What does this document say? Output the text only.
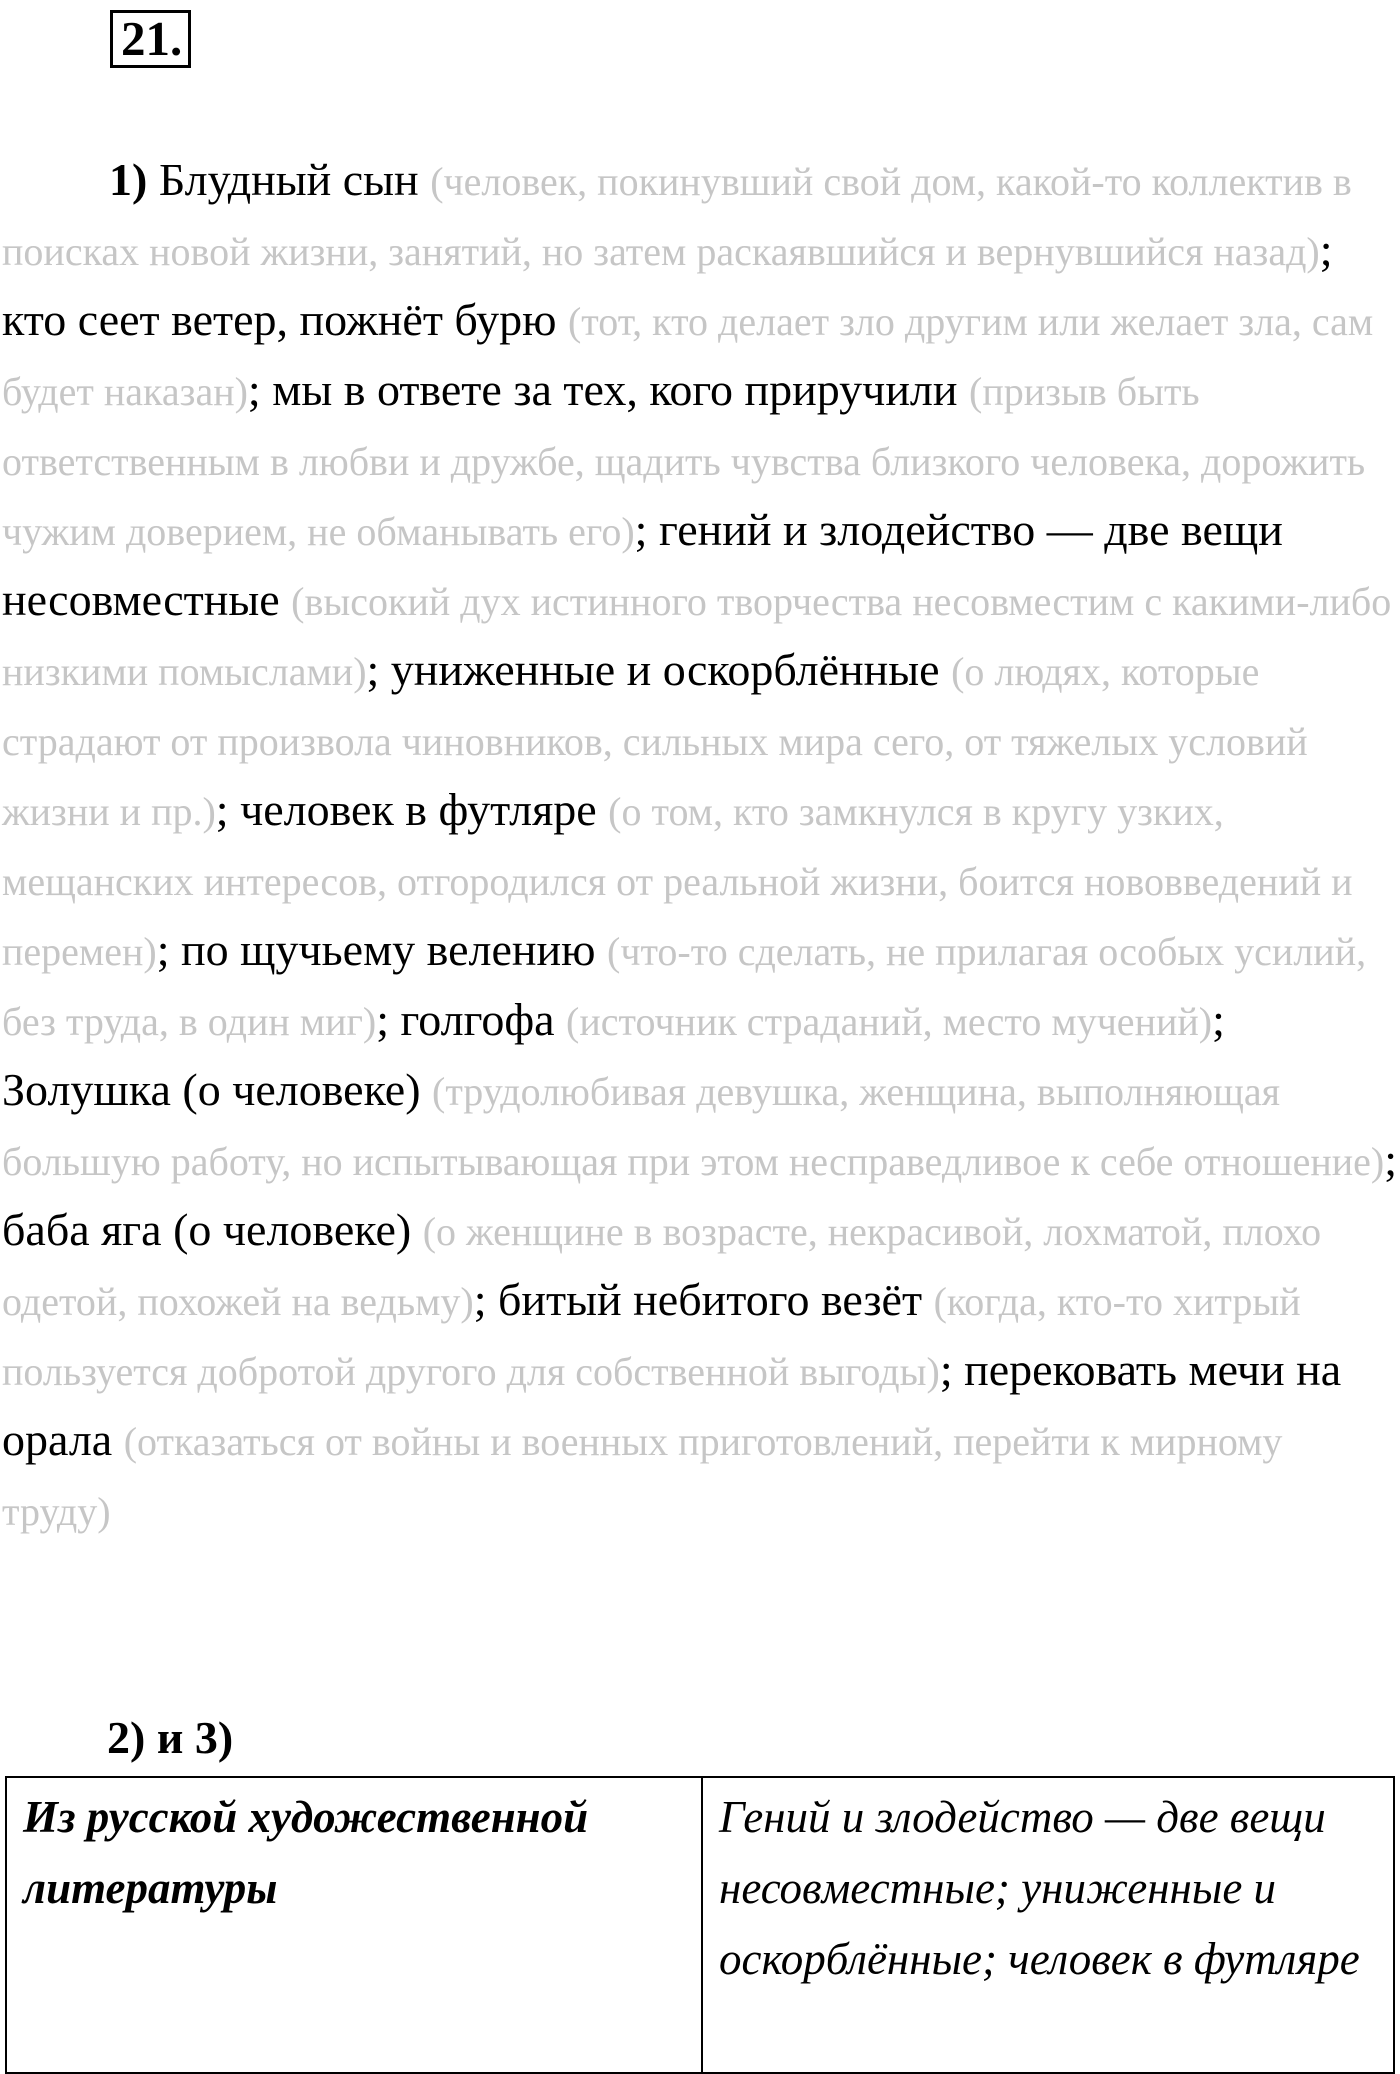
21.

1) Блудный сын (человек, покинувший свой дом, какой-то коллектив в поисках новой жизни, занятий, но затем раскаявшийся и вернувшийся назад); кто сеет ветер, пожнёт бурю (тот, кто делает зло другим или желает зла, сам будет наказан); мы в ответе за тех, кого приручили (призыв быть ответственным в любви и дружбе, щадить чувства близкого человека, дорожить чужим доверием, не обманывать его); гений и злодейство — две вещи несовместные (высокий дух истинного творчества несовместим с какими-либо низкими помыслами); униженные и оскорблённые (о людях, которые страдают от произвола чиновников, сильных мира сего, от тяжелых условий жизни и пр.); человек в футляре (о том, кто замкнулся в кругу узких, мещанских интересов, отгородился от реальной жизни, боится нововведений и перемен); по щучьему велению (что-то сделать, не прилагая особых усилий, без труда, в один миг); голгофа (источник страданий, место мучений); Золушка (о человеке) (трудолюбивая девушка, женщина, выполняющая большую работу, но испытывающая при этом несправедливое к себе отношение); баба яга (о человеке) (о женщине в возрасте, некрасивой, лохматой, плохо одетой, похожей на ведьму); битый небитого везёт (когда, кто-то хитрый пользуется добротой другого для собственной выгоды); перековать мечи на орала (отказаться от войны и военных приготовлений, перейти к мирному труду)

2) и 3)

Из русской художественной литературы	Гений и злодейство — две вещи несовместные; униженные и оскорблённые; человек в футляре
